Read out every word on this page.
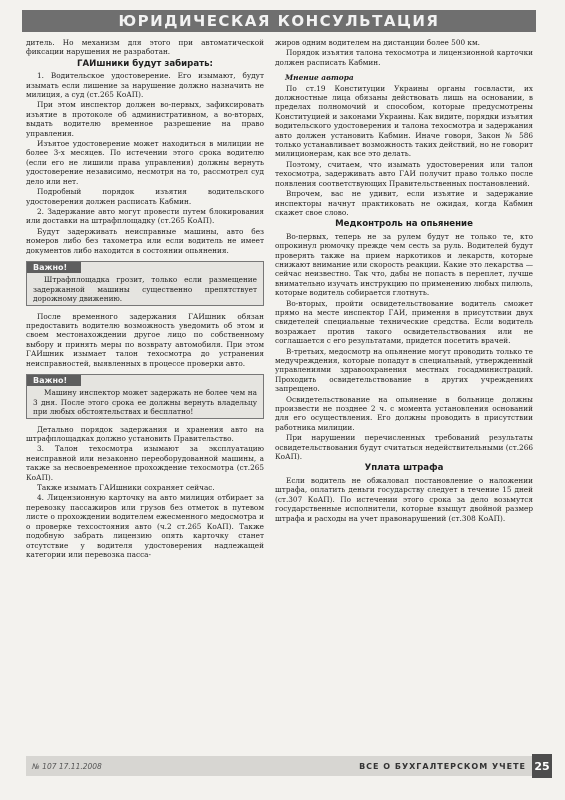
ЮРИДИЧЕСКАЯ КОНСУЛЬТАЦИЯ

дитель. Но механизм для этого при автоматической фиксации нарушения не разработан.

ГАИшники будут забирать:

1. Водительское удостоверение. Его изымают, будут изымать если лишение за нарушение должно назначить не милиция, а суд (ст.265 КоАП).

При этом инспектор должен во-первых, зафиксировать изъятие в протоколе об административном, а во-вторых, выдать водителю временное разрешение на право управления.

Изъятое удостоверение может находиться в милиции не более 3-х месяцев. По истечении этого срока водителю (если его не лишили права управления) должны вернуть удостоверение независимо, несмотря на то, рассмотрел суд дело или нет.

Подробный порядок изъятия водительского удостоверения должен расписать Кабмин.

2. Задержание авто могут провести путем блокирования или доставки на штрафплощадку (ст.265 КоАП).

Будут задерживать неисправные машины, авто без номеров либо без тахометра или если водитель не имеет документов либо находится в состоянии опьянения.

Важно!

Штрафплощадка грозит, только если размещение задержанной машины существенно препятствует дорожному движению.

После временного задержания ГАИшник обязан предоставить водителю возможность уведомить об этом и своем местонахождении другое лицо по собственному выбору и принять меры по возврату автомобиля. При этом ГАИшник изымает талон техосмотра до устранения неисправностей, выявленных в процессе проверки авто.

Важно!

Машину инспектор может задержать не более чем на 3 дня. После этого срока ее должны вернуть владельцу при любых обстоятельствах и бесплатно!

Детально порядок задержания и хранения авто на штрафплощадках должно установить Правительство.

3. Талон техосмотра изымают за эксплуатацию неисправной или незаконно переоборудованной машины, а также за несвоевременное прохождение техосмотра (ст.265 КоАП).

Также изымать ГАИшники сохраняет сейчас.

4. Лицензионную карточку на авто милиция отбирает за перевозку пассажиров или грузов без отметок в путевом листе о прохождении водителем ежесменного медосмотра и о проверке техсостояния авто (ч.2 ст.265 КоАП). Также подобную забрать лицензию опять карточку станет отсутствие у водителя удостоверения надлежащей категории или перевозка пасса-

жиров одним водителем на дистанции более 500 км.

Порядок изъятия талона техосмотра и лицензионной карточки должен расписать Кабмин.

Мнение автора

По ст.19 Конституции Украины органы госвласти, их должностные лица обязаны действовать лишь на основании, в пределах полномочий и способом, которые предусмотрены Конституцией и законами Украины. Как видите, порядки изъятия водительского удостоверения и талона техосмотра и задержания авто должен установить Кабмин. Иначе говоря, Закон № 586 только устанавливает возможность таких действий, но не говорит милиционерам, как все это делать.

Поэтому, считаем, что изымать удостоверения или талон техосмотра, задерживать авто ГАИ получит право только после появления соответствующих Правительственных постановлений.

Впрочем, вас не удивит, если изъятие и задержание инспекторы начнут практиковать не ожидая, когда Кабмин скажет свое слово.

Медконтроль на опьянение

Во-первых, теперь не за рулем будут не только те, кто опрокинул рюмочку прежде чем сесть за руль. Водителей будут проверять также на прием наркотиков и лекарств, которые снижают внимание или скорость реакции. Какие это лекарства — сейчас неизвестно. Так что, дабы не попасть в переплет, лучше внимательно изучать инструкцию по применению любых пилюль, которые водитель собирается глотнуть.

Во-вторых, пройти освидетельствование водитель сможет прямо на месте инспектор ГАИ, применяя в присутствии двух свидетелей специальные технические средства. Если водитель возражает против такого освидетельствования или не соглашается с его результатами, придется посетить врачей.

В-третьих, медосмотр на опьянение могут проводить только те медучреждения, которые попадут в специальный, утвержденный управлениями здравоохранения местных госадминистраций. Проходить освидетельствование в других учреждениях запрещено.

Освидетельствование на опьянение в больнице должны произвести не позднее 2 ч. с момента установления оснований для его осуществления. Его должны проводить в присутствии работника милиции.

При нарушении перечисленных требований результаты освидетельствования будут считаться недействительными (ст.266 КоАП).

Уплата штрафа

Если водитель не обжаловал постановление о наложении штрафа, оплатить деньги государству следует в течение 15 дней (ст.307 КоАП). По истечении этого срока за дело возьмутся государственные исполнители, которые взыщут двойной размер штрафа и расходы на учет правонарушений (ст.308 КоАП).

№ 107 17.11.2008	ВСЕ О БУХГАЛТЕРСКОМ УЧЕТЕ 25
